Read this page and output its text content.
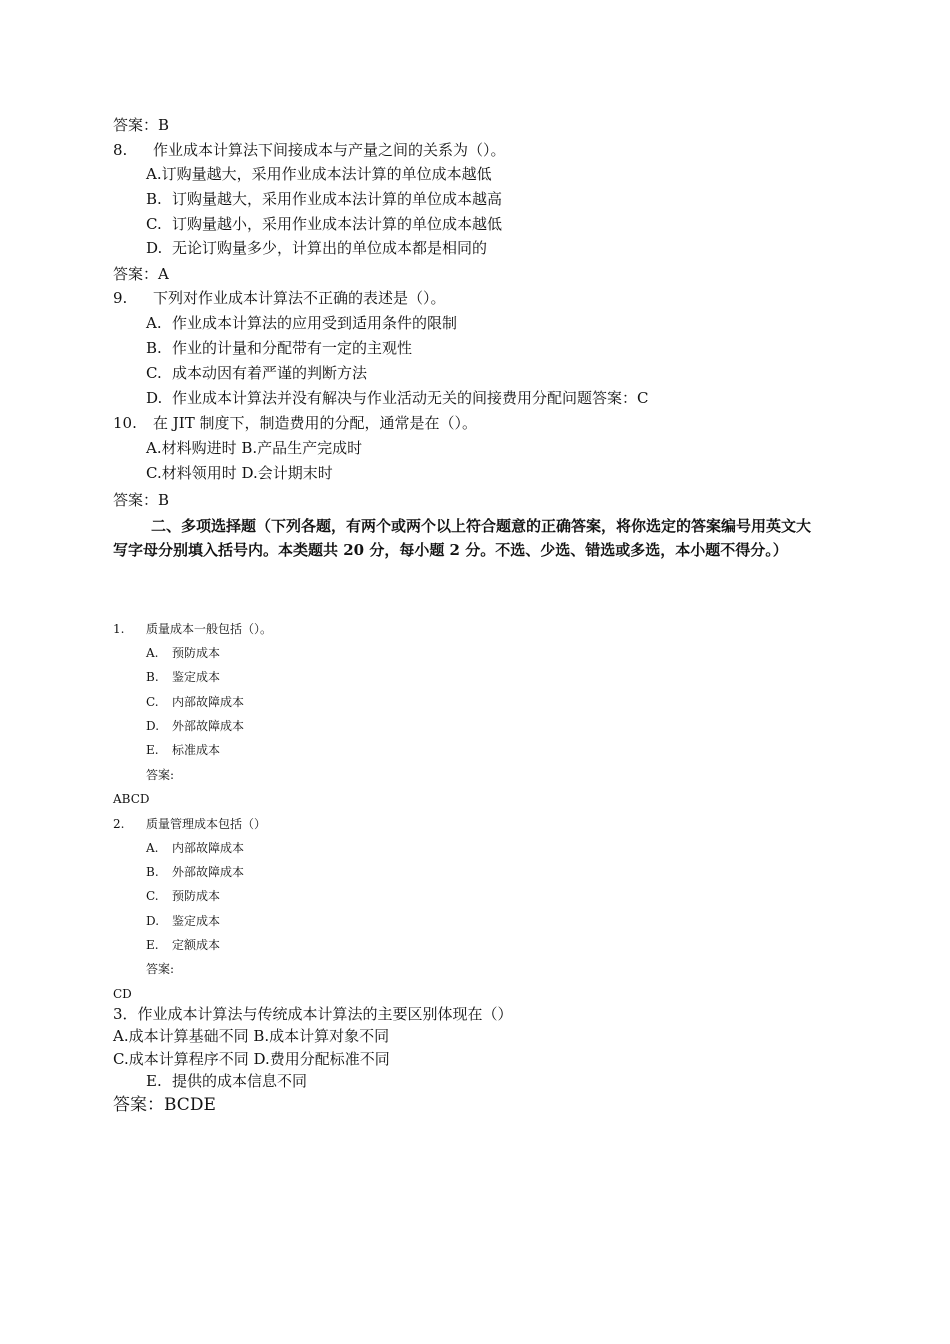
答案：B
8. 作业成本计算法下间接成本与产量之间的关系为（）。
A.订购量越大，采用作业成本法计算的单位成本越低
B. 订购量越大，采用作业成本法计算的单位成本越高
C. 订购量越小，采用作业成本法计算的单位成本越低
D. 无论订购量多少，计算出的单位成本都是相同的
答案：A
9. 下列对作业成本计算法不正确的表述是（）。
A. 作业成本计算法的应用受到适用条件的限制
B. 作业的计量和分配带有一定的主观性
C. 成本动因有着严谨的判断方法
D. 作业成本计算法并没有解决与作业活动无关的间接费用分配问题答案：C
10. 在 JIT 制度下，制造费用的分配，通常是在（）。
A.材料购进时 B.产品生产完成时
C.材料领用时 D.会计期末时
答案：B
二、多项选择题（下列各题，有两个或两个以上符合题意的正确答案，将你选定的答案编号用英文大写字母分别填入括号内。本类题共 20 分，每小题 2 分。不选、少选、错选或多选，本小题不得分。）
1. 质量成本一般包括（）。
A. 预防成本
B. 鉴定成本
C. 内部故障成本
D. 外部故障成本
E. 标准成本
答案:
ABCD
2. 质量管理成本包括（）
A. 内部故障成本
B. 外部故障成本
C. 预防成本
D. 鉴定成本
E. 定额成本
答案:
CD
3．作业成本计算法与传统成本计算法的主要区别体现在（）
A.成本计算基础不同 B.成本计算对象不同
C.成本计算程序不同 D.费用分配标准不同
E. 提供的成本信息不同
答案：BCDE
